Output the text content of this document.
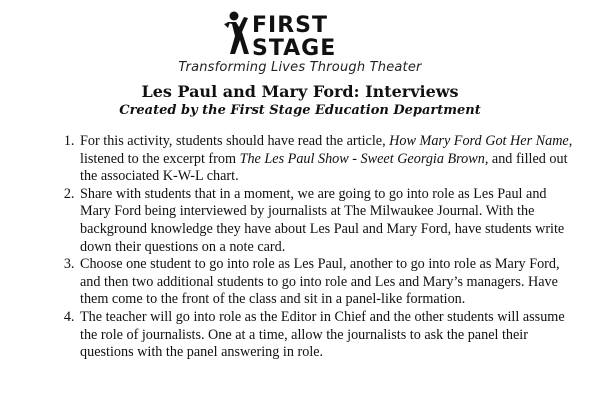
FIRST
STAGE
Transforming Lives Through Theater
Les Paul and Mary Ford: Interviews
Created by the First Stage Education Department
1. For this activity, students should have read the article, How Mary Ford Got Her Name, listened to the excerpt from The Les Paul Show - Sweet Georgia Brown, and filled out the associated K-W-L chart.
2. Share with students that in a moment, we are going to go into role as Les Paul and Mary Ford being interviewed by journalists at The Milwaukee Journal. With the background knowledge they have about Les Paul and Mary Ford, have students write down their questions on a note card.
3. Choose one student to go into role as Les Paul, another to go into role as Mary Ford, and then two additional students to go into role and Les and Mary’s managers. Have them come to the front of the class and sit in a panel-like formation.
4. The teacher will go into role as the Editor in Chief and the other students will assume the role of journalists. One at a time, allow the journalists to ask the panel their questions with the panel answering in role.
